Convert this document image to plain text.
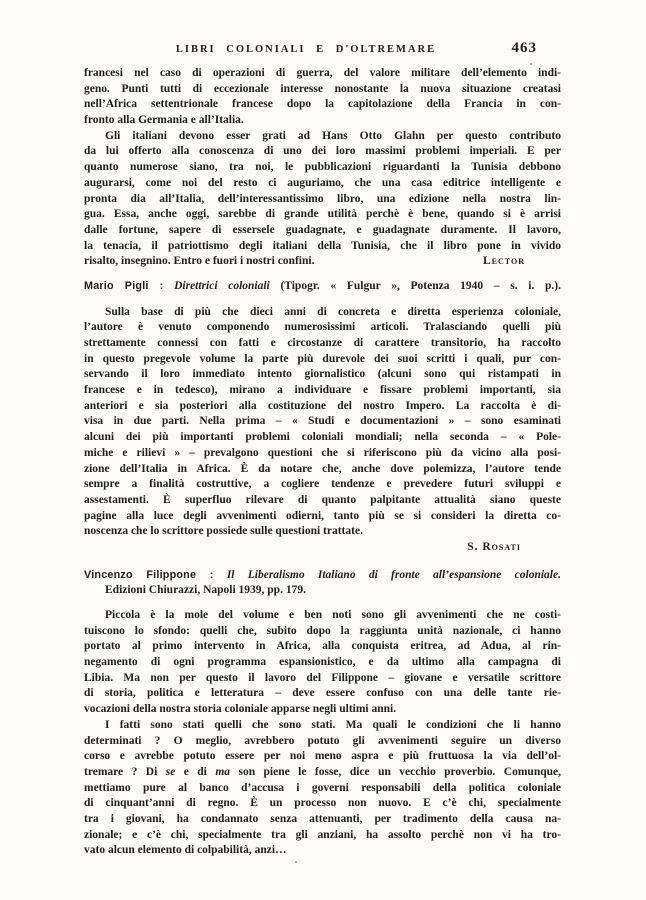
LIBRI COLONIALI E D'OLTREMARE	463
francesi nel caso di operazioni di guerra, del valore militare dell’elemento indi-
geno. Punti tutti di eccezionale interesse nonostante la nuova situazione creatasi
nell’Africa settentrionale francese dopo la capitolazione della Francia in con-
fronto alla Germania e all’Italia.
Gli italiani devono esser grati ad Hans Otto Glahn per questo contributo
da lui offerto alla conoscenza di uno dei loro massimi problemi imperiali. E per
quanto numerose siano, tra noi, le pubblicazioni riguardanti la Tunisia debbono
augurarsi, come noi del resto ci auguriamo, che una casa editrice intelligente e
pronta dia all’Italia, dell’interessantissimo libro, una edizione nella nostra lin-
gua. Essa, anche oggi, sarebbe di grande utilità perchè è bene, quando si è arrisi
dalle fortune, sapere di essersele guadagnate, e guadagnate duramente. Il lavoro,
la tenacia, il patriottismo degli italiani della Tunisia, che il libro pone in vivido
risalto, insegnino. Entro e fuori i nostri confini.	Lector
Mario Pigli : Direttrici coloniali (Tipogr. « Fulgur », Potenza 1940 – s. i. p.).
Sulla base di più che dieci anni di concreta e diretta esperienza coloniale,
l’autore è venuto componendo numerosissimi articoli. Tralasciando quelli più
strettamente connessi con fatti e circostanze di carattere transitorio, ha raccolto
in questo pregevole volume la parte più durevole dei suoi scritti i quali, pur con-
servando il loro immediato intento giornalistico (alcuni sono qui ristampati in
francese e in tedesco), mirano a individuare e fissare problemi importanti, sia
anteriori e sia posteriori alla costituzione del nostro Impero. La raccolta è di-
visa in due parti. Nella prima – « Studi e documentazioni » – sono esaminati
alcuni dei più importanti problemi coloniali mondiali; nella seconda – « Pole-
miche e rilievi » – prevalgono questioni che si riferiscono più da vicino alla posi-
zione dell’Italia in Africa. È da notare che, anche dove polemizza, l’autore tende
sempre a finalità costruttive, a cogliere tendenze e prevedere futuri sviluppi e
assestamenti. È superfluo rilevare di quanto palpitante attualità siano queste
pagine alla luce degli avvenimenti odierni, tanto più se si consideri la diretta co-
noscenza che lo scrittore possiede sulle questioni trattate.
S. Rosati
Vincenzo Filippone : Il Liberalismo Italiano di fronte all’espansione coloniale.
Edizioni Chiurazzi, Napoli 1939, pp. 179.
Piccola è la mole del volume e ben noti sono gli avvenimenti che ne costi-
tuiscono lo sfondo: quelli che, subito dopo la raggiunta unità nazionale, ci hanno
portato al primo intervento in Africa, alla conquista eritrea, ad Adua, al rin-
negamento di ogni programma espansionistico, e da ultimo alla campagna di
Libia. Ma non per questo il lavoro del Filippone – giovane e versatile scrittore
di storia, politica e letteratura – deve essere confuso con una delle tante rie-
vocazioni della nostra storia coloniale apparse negli ultimi anni.
I fatti sono stati quelli che sono stati. Ma quali le condizioni che li hanno
determinati ? O meglio, avrebbero potuto gli avvenimenti seguire un diverso
corso e avrebbe potuto essere per noi meno aspra e più fruttuosa la via dell’ol-
tremare ? Di se e di ma son piene le fosse, dice un vecchio proverbio. Comunque,
mettiamo pure al banco d’accusa i governi responsabili della politica coloniale
di cinquant’anni di regno. È un processo non nuovo. E c’è chi, specialmente
tra i giovani, ha condannato senza attenuanti, per tradimento della causa na-
zionale; e c’è chi, specialmente tra gli anziani, ha assolto perchè non vi ha tro-
vato alcun elemento di colpabilità, anzi…
